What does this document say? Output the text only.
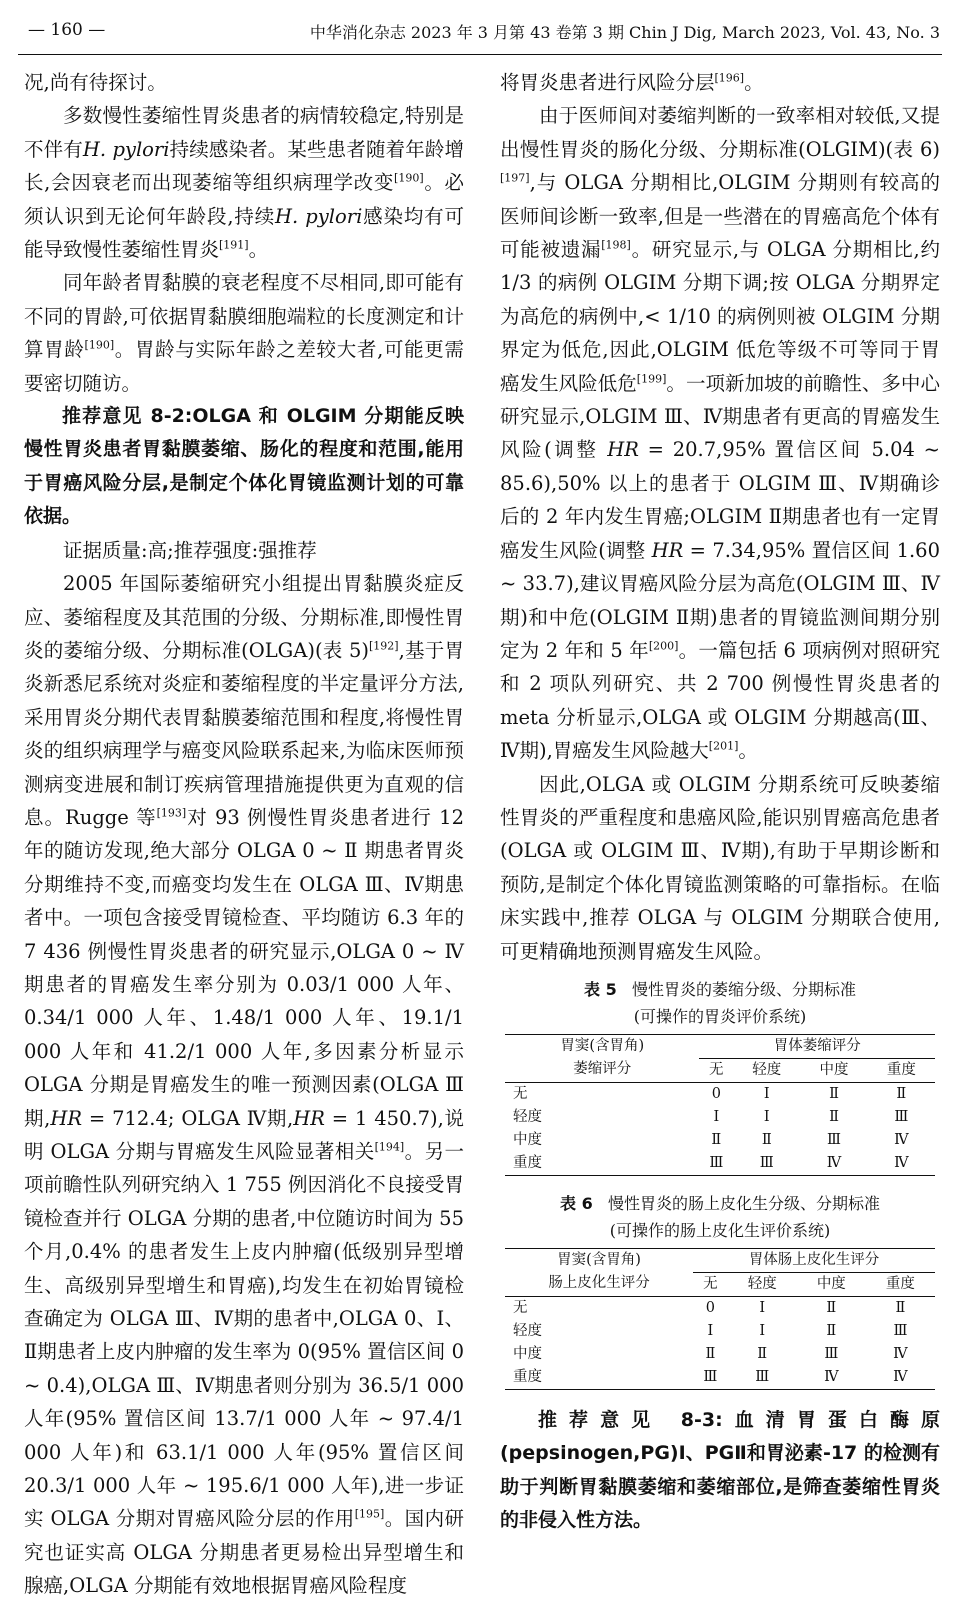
— 160 —	中华消化杂志 2023 年 3 月第 43 卷第 3 期 Chin J Dig, March 2023, Vol. 43, No. 3

况,尚有待探讨。

多数慢性萎缩性胃炎患者的病情较稳定,特别是不伴有H. pylori持续感染者。某些患者随着年龄增长,会因衰老而出现萎缩等组织病理学改变[190]。必须认识到无论何年龄段,持续H. pylori感染均有可能导致慢性萎缩性胃炎[191]。

同年龄者胃黏膜的衰老程度不尽相同,即可能有不同的胃龄,可依据胃黏膜细胞端粒的长度测定和计算胃龄[190]。胃龄与实际年龄之差较大者,可能更需要密切随访。

推荐意见 8-2:OLGA 和 OLGIM 分期能反映慢性胃炎患者胃黏膜萎缩、肠化的程度和范围,能用于胃癌风险分层,是制定个体化胃镜监测计划的可靠依据。

证据质量:高;推荐强度:强推荐

2005 年国际萎缩研究小组提出胃黏膜炎症反应、萎缩程度及其范围的分级、分期标准,即慢性胃炎的萎缩分级、分期标准(OLGA)(表 5)[192],基于胃炎新悉尼系统对炎症和萎缩程度的半定量评分方法,采用胃炎分期代表胃黏膜萎缩范围和程度,将慢性胃炎的组织病理学与癌变风险联系起来,为临床医师预测病变进展和制订疾病管理措施提供更为直观的信息。Rugge 等[193]对 93 例慢性胃炎患者进行 12 年的随访发现,绝大部分 OLGA 0 ~ Ⅱ 期患者胃炎分期维持不变,而癌变均发生在 OLGA Ⅲ、Ⅳ期患者中。一项包含接受胃镜检查、平均随访 6.3 年的 7 436 例慢性胃炎患者的研究显示,OLGA 0 ~ Ⅳ期患者的胃癌发生率分别为 0.03/1 000 人年、0.34/1 000 人年、1.48/1 000 人年、19.1/1 000 人年和 41.2/1 000 人年,多因素分析显示 OLGA 分期是胃癌发生的唯一预测因素(OLGA Ⅲ期,HR = 712.4; OLGA Ⅳ期,HR = 1 450.7),说明 OLGA 分期与胃癌发生风险显著相关[194]。另一项前瞻性队列研究纳入 1 755 例因消化不良接受胃镜检查并行 OLGA 分期的患者,中位随访时间为 55 个月,0.4% 的患者发生上皮内肿瘤(低级别异型增生、高级别异型增生和胃癌),均发生在初始胃镜检查确定为 OLGA Ⅲ、Ⅳ期的患者中,OLGA 0、Ⅰ、Ⅱ期患者上皮内肿瘤的发生率为 0(95% 置信区间 0 ~ 0.4),OLGA Ⅲ、Ⅳ期患者则分别为 36.5/1 000 人年(95% 置信区间 13.7/1 000 人年 ~ 97.4/1 000 人年)和 63.1/1 000 人年(95% 置信区间 20.3/1 000 人年 ~ 195.6/1 000 人年),进一步证实 OLGA 分期对胃癌风险分层的作用[195]。国内研究也证实高 OLGA 分期患者更易检出异型增生和腺癌,OLGA 分期能有效地根据胃癌风险程度

将胃炎患者进行风险分层[196]。

由于医师间对萎缩判断的一致率相对较低,又提出慢性胃炎的肠化分级、分期标准(OLGIM)(表 6)[197],与 OLGA 分期相比,OLGIM 分期则有较高的医师间诊断一致率,但是一些潜在的胃癌高危个体有可能被遗漏[198]。研究显示,与 OLGA 分期相比,约 1/3 的病例 OLGIM 分期下调;按 OLGA 分期界定为高危的病例中,< 1/10 的病例则被 OLGIM 分期界定为低危,因此,OLGIM 低危等级不可等同于胃癌发生风险低危[199]。一项新加坡的前瞻性、多中心研究显示,OLGIM Ⅲ、Ⅳ期患者有更高的胃癌发生风险(调整 HR = 20.7,95% 置信区间 5.04 ~ 85.6),50% 以上的患者于 OLGIM Ⅲ、Ⅳ期确诊后的 2 年内发生胃癌;OLGIM Ⅱ期患者也有一定胃癌发生风险(调整 HR = 7.34,95% 置信区间 1.60 ~ 33.7),建议胃癌风险分层为高危(OLGIM Ⅲ、Ⅳ期)和中危(OLGIM Ⅱ期)患者的胃镜监测间期分别定为 2 年和 5 年[200]。一篇包括 6 项病例对照研究和 2 项队列研究、共 2 700 例慢性胃炎患者的 meta 分析显示,OLGA 或 OLGIM 分期越高(Ⅲ、Ⅳ期),胃癌发生风险越大[201]。

因此,OLGA 或 OLGIM 分期系统可反映萎缩性胃炎的严重程度和患癌风险,能识别胃癌高危患者(OLGA 或 OLGIM Ⅲ、Ⅳ期),有助于早期诊断和预防,是制定个体化胃镜监测策略的可靠指标。在临床实践中,推荐 OLGA 与 OLGIM 分期联合使用,可更精确地预测胃癌发生风险。

表 5 慢性胃炎的萎缩分级、分期标准
(可操作的胃炎评价系统)
胃窦(含胃角)
萎缩评分	胃体萎缩评分			
	无	轻度	中度	重度
无	0	Ⅰ	Ⅱ	Ⅱ
轻度	Ⅰ	Ⅰ	Ⅱ	Ⅲ
中度	Ⅱ	Ⅱ	Ⅲ	Ⅳ
重度	Ⅲ	Ⅲ	Ⅳ	Ⅳ
表 6 慢性胃炎的肠上皮化生分级、分期标准
(可操作的肠上皮化生评价系统)
胃窦(含胃角)
肠上皮化生评分	胃体肠上皮化生评分			
	无	轻度	中度	重度
无	0	Ⅰ	Ⅱ	Ⅱ
轻度	Ⅰ	Ⅰ	Ⅱ	Ⅲ
中度	Ⅱ	Ⅱ	Ⅲ	Ⅳ
重度	Ⅲ	Ⅲ	Ⅳ	Ⅳ

推荐意见 8-3:血清胃蛋白酶原(pepsinogen,PG)Ⅰ、PGⅡ和胃泌素-17 的检测有助于判断胃黏膜萎缩和萎缩部位,是筛查萎缩性胃炎的非侵入性方法。
